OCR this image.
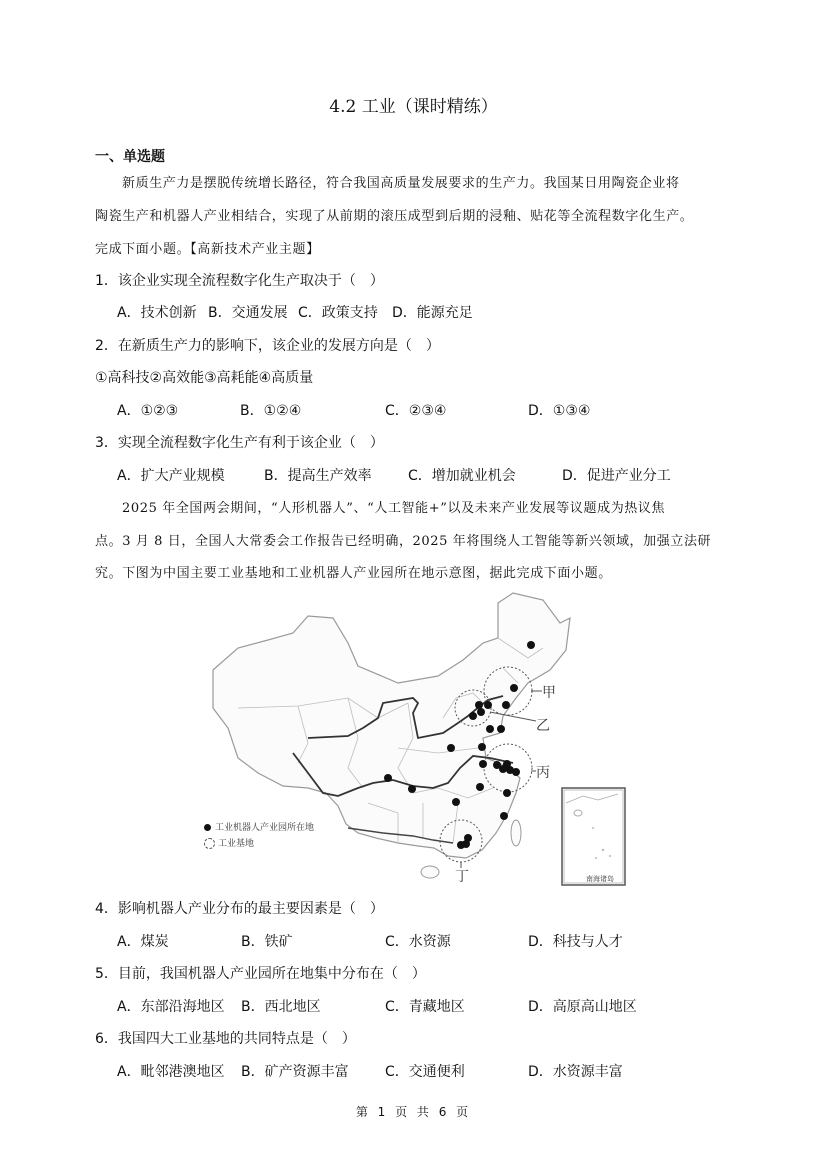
4.2 工业（课时精练）
一、单选题
新质生产力是摆脱传统增长路径，符合我国高质量发展要求的生产力。我国某日用陶瓷企业将
陶瓷生产和机器人产业相结合，实现了从前期的滚压成型到后期的浸釉、贴花等全流程数字化生产。
完成下面小题。【高新技术产业主题】
1．该企业实现全流程数字化生产取决于（　）
A．技术创新 B．交通发展 C．政策支持 D．能源充足
2．在新质生产力的影响下，该企业的发展方向是（　）
①高科技②高效能③高耗能④高质量
A．①②③	B．①②④	C．②③④	D．①③④
3．实现全流程数字化生产有利于该企业（　）
A．扩大产业规模	B．提高生产效率	C．增加就业机会	D．促进产业分工
2025 年全国两会期间，“人形机器人”、“人工智能+”以及未来产业发展等议题成为热议焦
点。3 月 8 日，全国人大常委会工作报告已经明确，2025 年将围绕人工智能等新兴领域，加强立法研
究。下图为中国主要工业基地和工业机器人产业园所在地示意图，据此完成下面小题。
甲
乙
丙
丁
工业机器人产业园所在地
工业基地
南海诸岛
4．影响机器人产业分布的最主要因素是（　）
A．煤炭	B．铁矿	C．水资源	D．科技与人才
5．目前，我国机器人产业园所在地集中分布在（　）
A．东部沿海地区 B．西北地区	C．青藏地区	D．高原高山地区
6．我国四大工业基地的共同特点是（　）
A．毗邻港澳地区 B．矿产资源丰富	C．交通便利	D．水资源丰富
第 1 页 共 6 页
